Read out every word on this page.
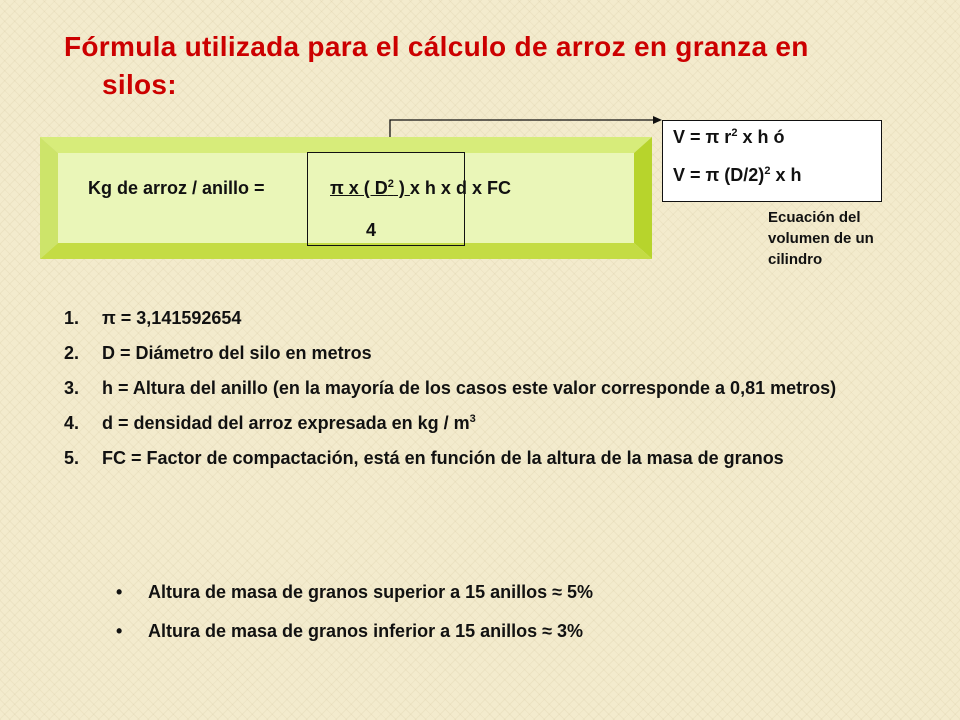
Fórmula utilizada para el cálculo de arroz en granza en
silos:
Kg de arroz / anillo =	π x ( $D^2$ ) x h x d x FC
4
V = π $r^2$ x h ó
V = π $(D/2)^2$ x h
Ecuación del volumen de un cilindro
1. π = 3,141592654
2. D = Diámetro del silo en metros
3. h = Altura del anillo (en la mayoría de los casos este valor corresponde a 0,81 metros)
4. d = densidad del arroz expresada en kg / $m^3$
5. FC = Factor de compactación, está en función de la altura de la masa de granos
• Altura de masa de granos superior a 15 anillos ≈ 5%
• Altura de masa de granos inferior a 15 anillos ≈ 3%
